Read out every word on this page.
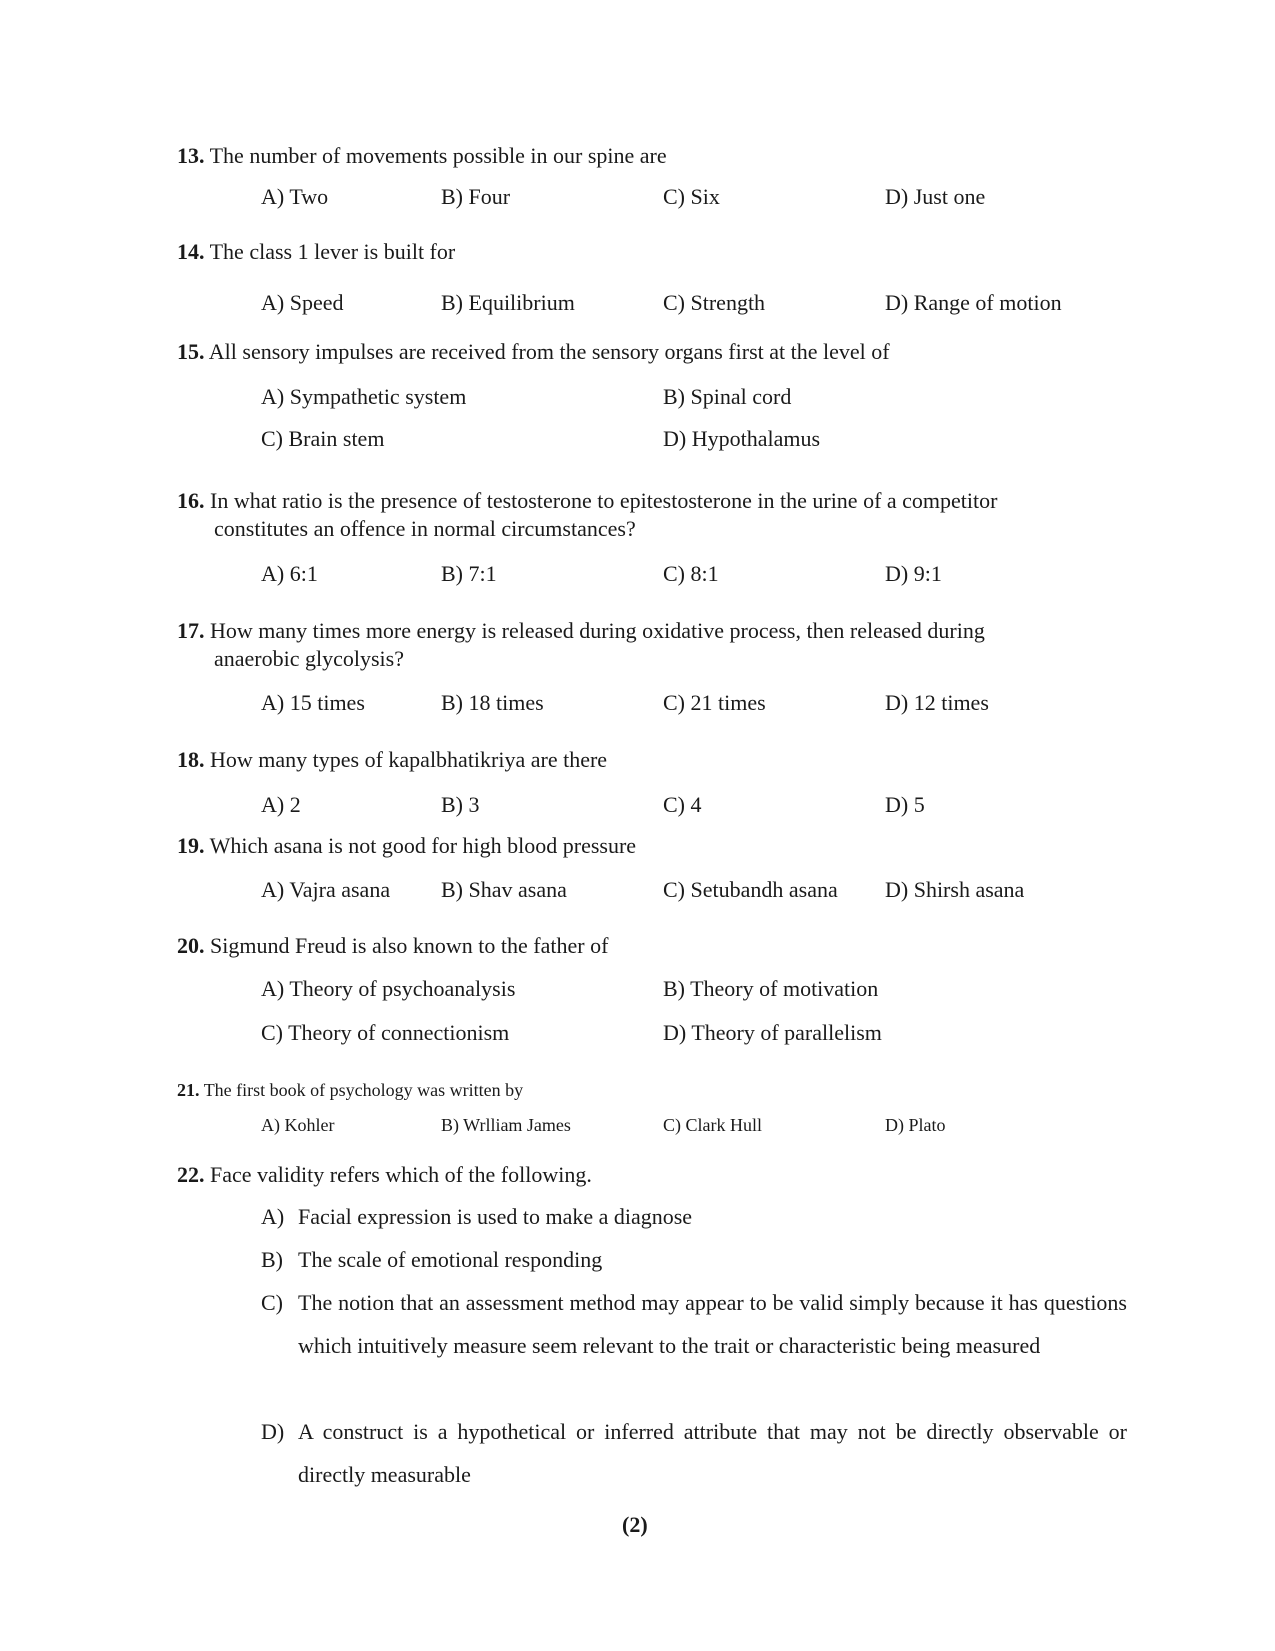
13. The number of movements possible in our spine are
A) Two	B) Four	C) Six	D) Just one
14. The class 1 lever is built for
A) Speed	B) Equilibrium	C) Strength	D) Range of motion
15. All sensory impulses are received from the sensory organs first at the level of
A) Sympathetic system	B) Spinal cord
C) Brain stem	D) Hypothalamus
16. In what ratio is the presence of testosterone to epitestosterone in the urine of a competitor
constitutes an offence in normal circumstances?
A) 6:1	B) 7:1	C) 8:1	D) 9:1
17. How many times more energy is released during oxidative process, then released during
anaerobic glycolysis?
A) 15 times	B) 18 times	C) 21 times	D) 12 times
18. How many types of kapalbhatikriya are there
A) 2	B) 3	C) 4	D) 5
19. Which asana is not good for high blood pressure
A) Vajra asana B) Shav asana	C) Setubandh asana D) Shirsh asana
20. Sigmund Freud is also known to the father of
A) Theory of psychoanalysis	B) Theory of motivation
C) Theory of connectionism	D) Theory of parallelism
21. The first book of psychology was written by
A) Kohler	B) Wrlliam James	C) Clark Hull	D) Plato
22. Face validity refers which of the following.
A) Facial expression is used to make a diagnose
B) The scale of emotional responding
C) The notion that an assessment method may appear to be valid simply because it has questions which intuitively measure seem relevant to the trait or characteristic being measured
D) A construct is a hypothetical or inferred attribute that may not be directly observable or directly measurable
(2)
